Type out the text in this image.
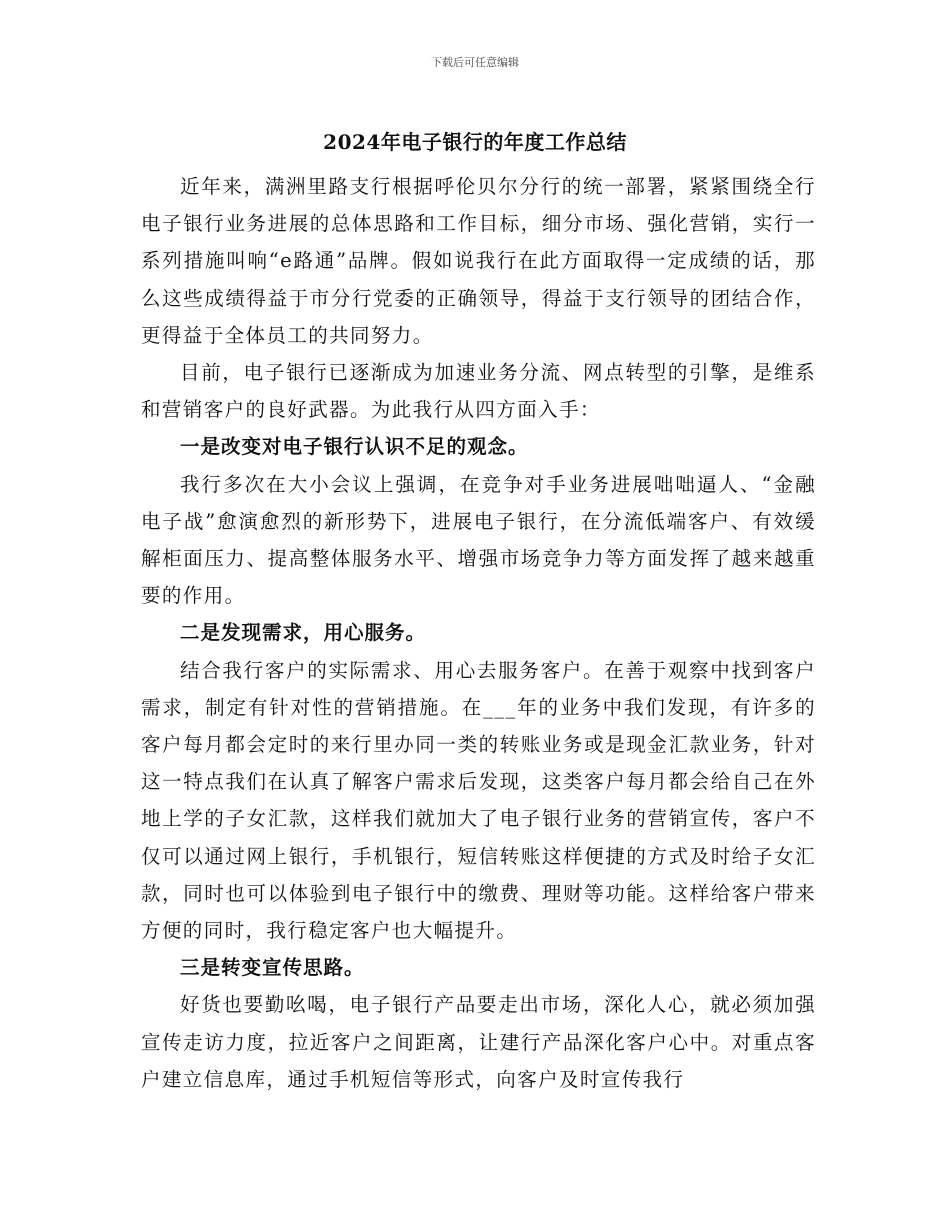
下载后可任意编辑
2024年电子银行的年度工作总结

近年来，满洲里路支行根据呼伦贝尔分行的统一部署，紧紧围绕全行电子银行业务进展的总体思路和工作目标，细分市场、强化营销，实行一系列措施叫响“e路通”品牌。假如说我行在此方面取得一定成绩的话，那么这些成绩得益于市分行党委的正确领导，得益于支行领导的团结合作，更得益于全体员工的共同努力。

目前，电子银行已逐渐成为加速业务分流、网点转型的引擎，是维系和营销客户的良好武器。为此我行从四方面入手：

一是改变对电子银行认识不足的观念。

我行多次在大小会议上强调，在竞争对手业务进展咄咄逼人、“金融电子战”愈演愈烈的新形势下，进展电子银行，在分流低端客户、有效缓解柜面压力、提高整体服务水平、增强市场竞争力等方面发挥了越来越重要的作用。

二是发现需求，用心服务。

结合我行客户的实际需求、用心去服务客户。在善于观察中找到客户需求，制定有针对性的营销措施。在___年的业务中我们发现，有许多的客户每月都会定时的来行里办同一类的转账业务或是现金汇款业务，针对这一特点我们在认真了解客户需求后发现，这类客户每月都会给自己在外地上学的子女汇款，这样我们就加大了电子银行业务的营销宣传，客户不仅可以通过网上银行，手机银行，短信转账这样便捷的方式及时给子女汇款，同时也可以体验到电子银行中的缴费、理财等功能。这样给客户带来方便的同时，我行稳定客户也大幅提升。

三是转变宣传思路。

好货也要勤吆喝，电子银行产品要走出市场，深化人心，就必须加强宣传走访力度，拉近客户之间距离，让建行产品深化客户心中。对重点客户建立信息库，通过手机短信等形式，向客户及时宣传我行
